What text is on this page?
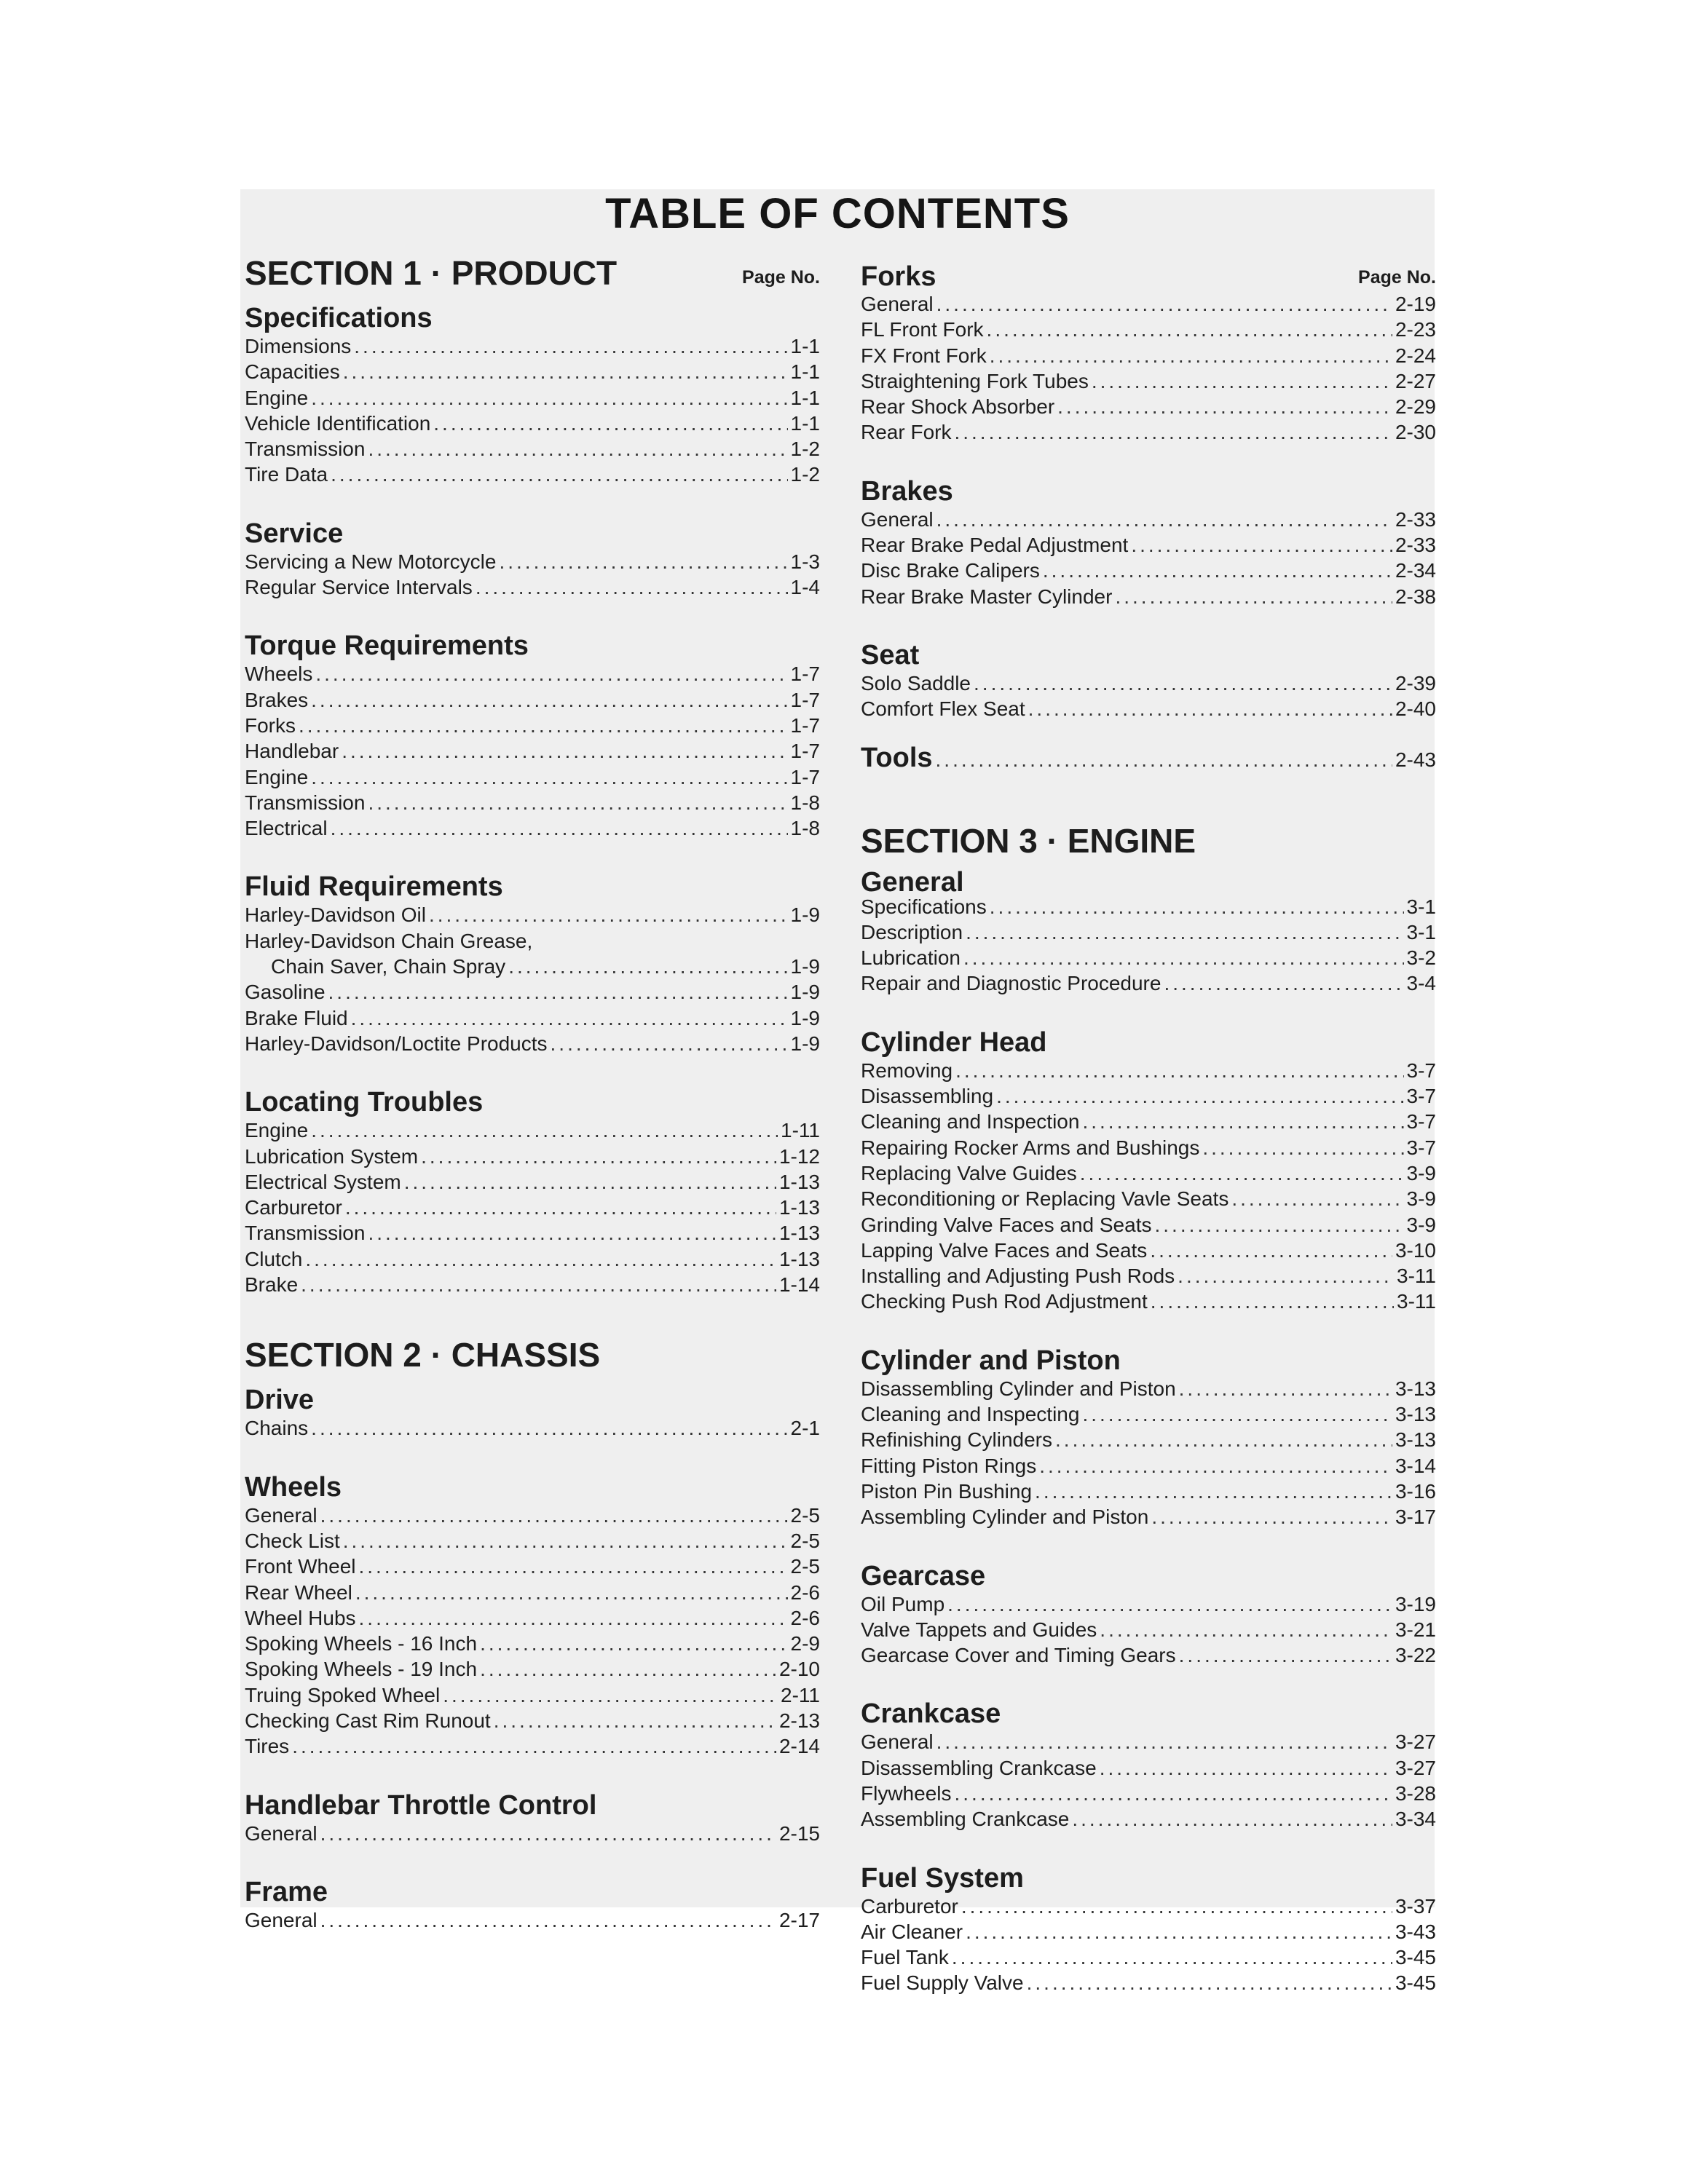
TABLE OF CONTENTS
SECTION 1 · PRODUCT	Page No.
Specifications
Dimensions .....	1-1
Capacities .....	1-1
Engine .....	1-1
Vehicle Identification .....	1-1
Transmission .....	1-2
Tire Data .....	1-2
Service
Servicing a New Motorcycle .....	1-3
Regular Service Intervals .....	1-4
Torque Requirements
Wheels .....	1-7
Brakes .....	1-7
Forks .....	1-7
Handlebar .....	1-7
Engine .....	1-7
Transmission .....	1-8
Electrical .....	1-8
Fluid Requirements
Harley-Davidson Oil .....	1-9
Harley-Davidson Chain Grease,
Chain Saver, Chain Spray .....	1-9
Gasoline .....	1-9
Brake Fluid .....	1-9
Harley-Davidson/Loctite Products .....	1-9
Locating Troubles
Engine .....	1-11
Lubrication System .....	1-12
Electrical System .....	1-13
Carburetor .....	1-13
Transmission .....	1-13
Clutch .....	1-13
Brake .....	1-14
SECTION 2 · CHASSIS
Drive
Chains .....	2-1
Wheels
General .....	2-5
Check List .....	2-5
Front Wheel .....	2-5
Rear Wheel .....	2-6
Wheel Hubs .....	2-6
Spoking Wheels - 16 Inch .....	2-9
Spoking Wheels - 19 Inch .....	2-10
Truing Spoked Wheel .....	2-11
Checking Cast Rim Runout .....	2-13
Tires .....	2-14
Handlebar Throttle Control
General .....	2-15
Frame
General .....	2-17
Forks	Page No.
General .....	2-19
FL Front Fork .....	2-23
FX Front Fork .....	2-24
Straightening Fork Tubes .....	2-27
Rear Shock Absorber .....	2-29
Rear Fork .....	2-30
Brakes
General .....	2-33
Rear Brake Pedal Adjustment .....	2-33
Disc Brake Calipers .....	2-34
Rear Brake Master Cylinder .....	2-38
Seat
Solo Saddle .....	2-39
Comfort Flex Seat .....	2-40
Tools .....	2-43
SECTION 3 · ENGINE
General
Specifications .....	3-1
Description .....	3-1
Lubrication .....	3-2
Repair and Diagnostic Procedure .....	3-4
Cylinder Head
Removing .....	3-7
Disassembling .....	3-7
Cleaning and Inspection .....	3-7
Repairing Rocker Arms and Bushings .....	3-7
Replacing Valve Guides .....	3-9
Reconditioning or Replacing Vavle Seats .....	3-9
Grinding Valve Faces and Seats .....	3-9
Lapping Valve Faces and Seats .....	3-10
Installing and Adjusting Push Rods .....	3-11
Checking Push Rod Adjustment .....	3-11
Cylinder and Piston
Disassembling Cylinder and Piston .....	3-13
Cleaning and Inspecting .....	3-13
Refinishing Cylinders .....	3-13
Fitting Piston Rings .....	3-14
Piston Pin Bushing .....	3-16
Assembling Cylinder and Piston .....	3-17
Gearcase
Oil Pump .....	3-19
Valve Tappets and Guides .....	3-21
Gearcase Cover and Timing Gears .....	3-22
Crankcase
General .....	3-27
Disassembling Crankcase .....	3-27
Flywheels .....	3-28
Assembling Crankcase .....	3-34
Fuel System
Carburetor .....	3-37
Air Cleaner .....	3-43
Fuel Tank .....	3-45
Fuel Supply Valve .....	3-45
